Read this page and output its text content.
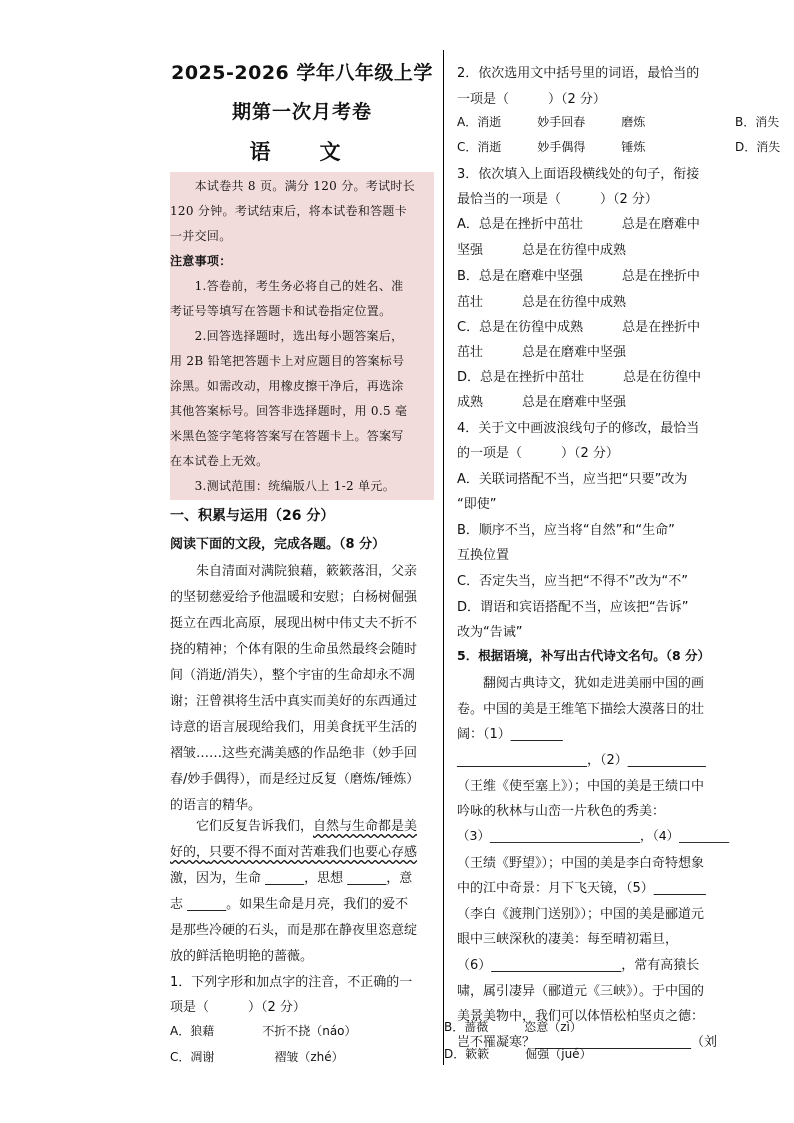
2025-2026 学年八年级上学
期第一次月考卷
语　文
　　本试卷共 8 页。满分 120 分。考试时长
120 分钟。考试结束后，将本试卷和答题卡
一并交回。
注意事项：
　　1.答卷前，考生务必将自己的姓名、准
考证号等填写在答题卡和试卷指定位置。
　　2.回答选择题时，选出每小题答案后，
用 2B 铅笔把答题卡上对应题目的答案标号
涂黑。如需改动，用橡皮擦干净后，再选涂
其他答案标号。回答非选择题时，用 0.5 毫
米黑色签字笔将答案写在答题卡上。答案写
在本试卷上无效。
　　3.测试范围：统编版八上 1-2 单元。
一、积累与运用（26 分）
阅读下面的文段，完成各题。（8 分）
　　朱自清面对满院狼藉，簌簌落泪，父亲
的坚韧慈爱给予他温暖和安慰；白杨树倔强
挺立在西北高原，展现出树中伟丈夫不折不
挠的精神；个体有限的生命虽然最终会随时
间（消逝/消失），整个宇宙的生命却永不凋
谢；汪曾祺将生活中真实而美好的东西通过
诗意的语言展现给我们，用美食抚平生活的
褶皱……这些充满美感的作品绝非（妙手回
春/妙手偶得），而是经过反复（磨炼/锤炼）
的语言的精华。
　　它们反复告诉我们，自然与生命都是美
好的，只要不得不面对苦难我们也要心存感
激，因为，生命 ______，思想 ______，意
志 ______。如果生命是月亮，我们的爱不
是那些冷硬的石头，而是那在静夜里恣意绽
放的鲜活艳明艳的蔷薇。
1．下列字形和加点字的注音，不正确的一
项是（　　　）（2 分）
A．狼藉　　　　不折不挠（náo）
C．凋谢　　　　　褶皱（zhé）
B．蔷薇　　　恣意（zì）
D．簌簌　　　倔强（jué）
2．依次选用文中括号里的词语，最恰当的
一项是（　　　）（2 分）
A．消逝　　　妙手回春　　　磨炼	B．消失
C．消逝　　　妙手偶得　　　锤炼	D．消失
3．依次填入上面语段横线处的句子，衔接
最恰当的一项是（　　　）（2 分）
A．总是在挫折中茁壮　　　总是在磨难中
坚强　　　总是在彷徨中成熟
B．总是在磨难中坚强　　　总是在挫折中
茁壮　　　总是在彷徨中成熟
C．总是在彷徨中成熟　　　总是在挫折中
茁壮　　　总是在磨难中坚强
D．总是在挫折中茁壮　　　总是在彷徨中
成熟　　　总是在磨难中坚强
4．关于文中画波浪线句子的修改，最恰当
的一项是（　　　）（2 分）
A．关联词搭配不当，应当把“只要”改为
“即使”
B．顺序不当，应当将“自然”和“生命”
互换位置
C．否定失当，应当把“不得不”改为“不”
D．谓语和宾语搭配不当，应该把“告诉”
改为“告诫”
5．根据语境，补写出古代诗文名句。（8 分）
　　翻阅古典诗文，犹如走进美丽中国的画
卷。中国的美是王维笔下描绘大漠落日的壮
阔：（1）________
____________________，（2）____________
（王维《使至塞上》）；中国的美是王绩口中
吟咏的秋林与山峦一片秋色的秀美：
（3）________________________，（4）________
（王绩《野望》）；中国的美是李白奇特想象
中的江中奇景：月下飞天镜，（5）________
（李白《渡荆门送别》）；中国的美是郦道元
眼中三峡深秋的凄美：每至晴初霜旦，
（6）____________________，常有高猿长
啸，属引凄异（郦道元《三峡》）。于中国的
美景美物中，我们可以体悟松柏坚贞之德：
岂不罹凝寒？________________________（刘
